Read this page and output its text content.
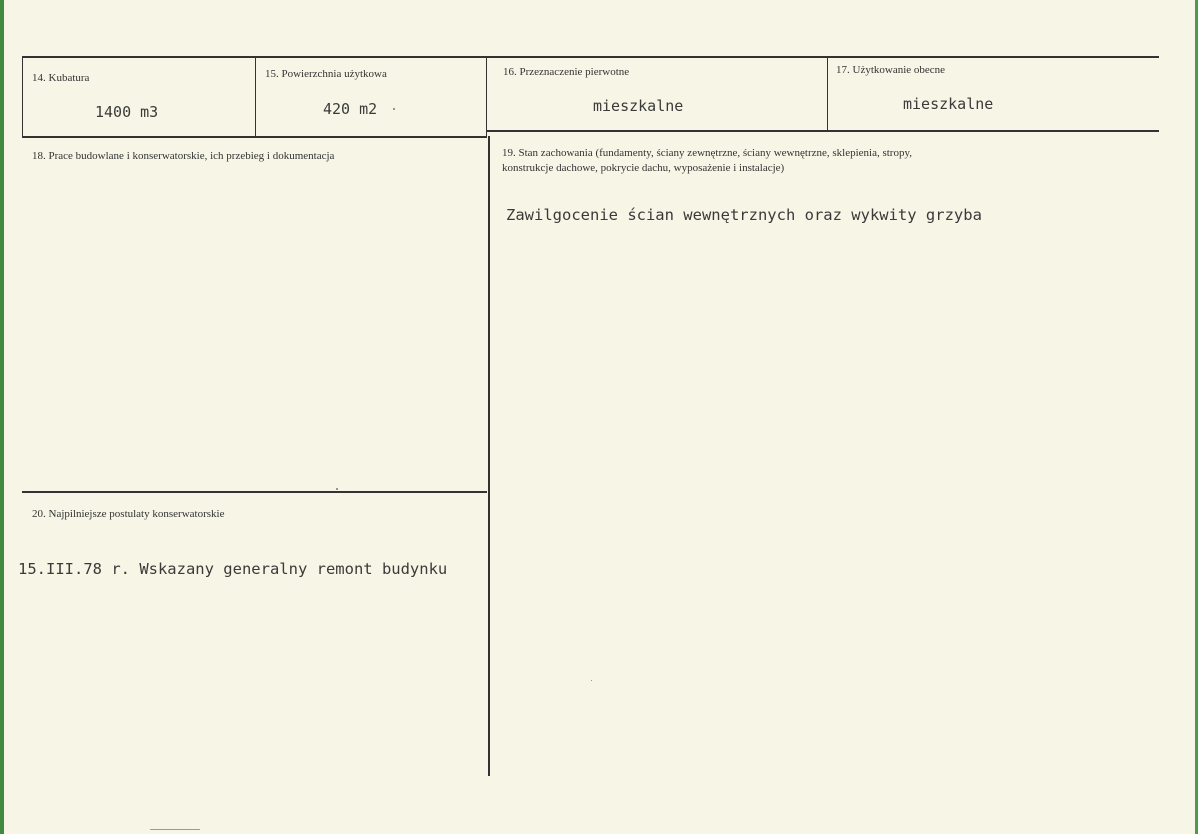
14. Kubatura
1400 m3
15. Powierzchnia użytkowa
420 m2
16. Przeznaczenie pierwotne
mieszkalne
17. Użytkowanie obecne
mieszkalne
18. Prace budowlane i konserwatorskie, ich przebieg i dokumentacja	19. Stan zachowania (fundamenty, ściany zewnętrzne, ściany wewnętrzne, sklepienia, stropy,
konstrukcje dachowe, pokrycie dachu, wyposażenie i instalacje)
Zawilgocenie ścian wewnętrznych oraz wykwity grzyba
20. Najpilniejsze postulaty konserwatorskie
15.III.78 r. Wskazany generalny remont budynku
